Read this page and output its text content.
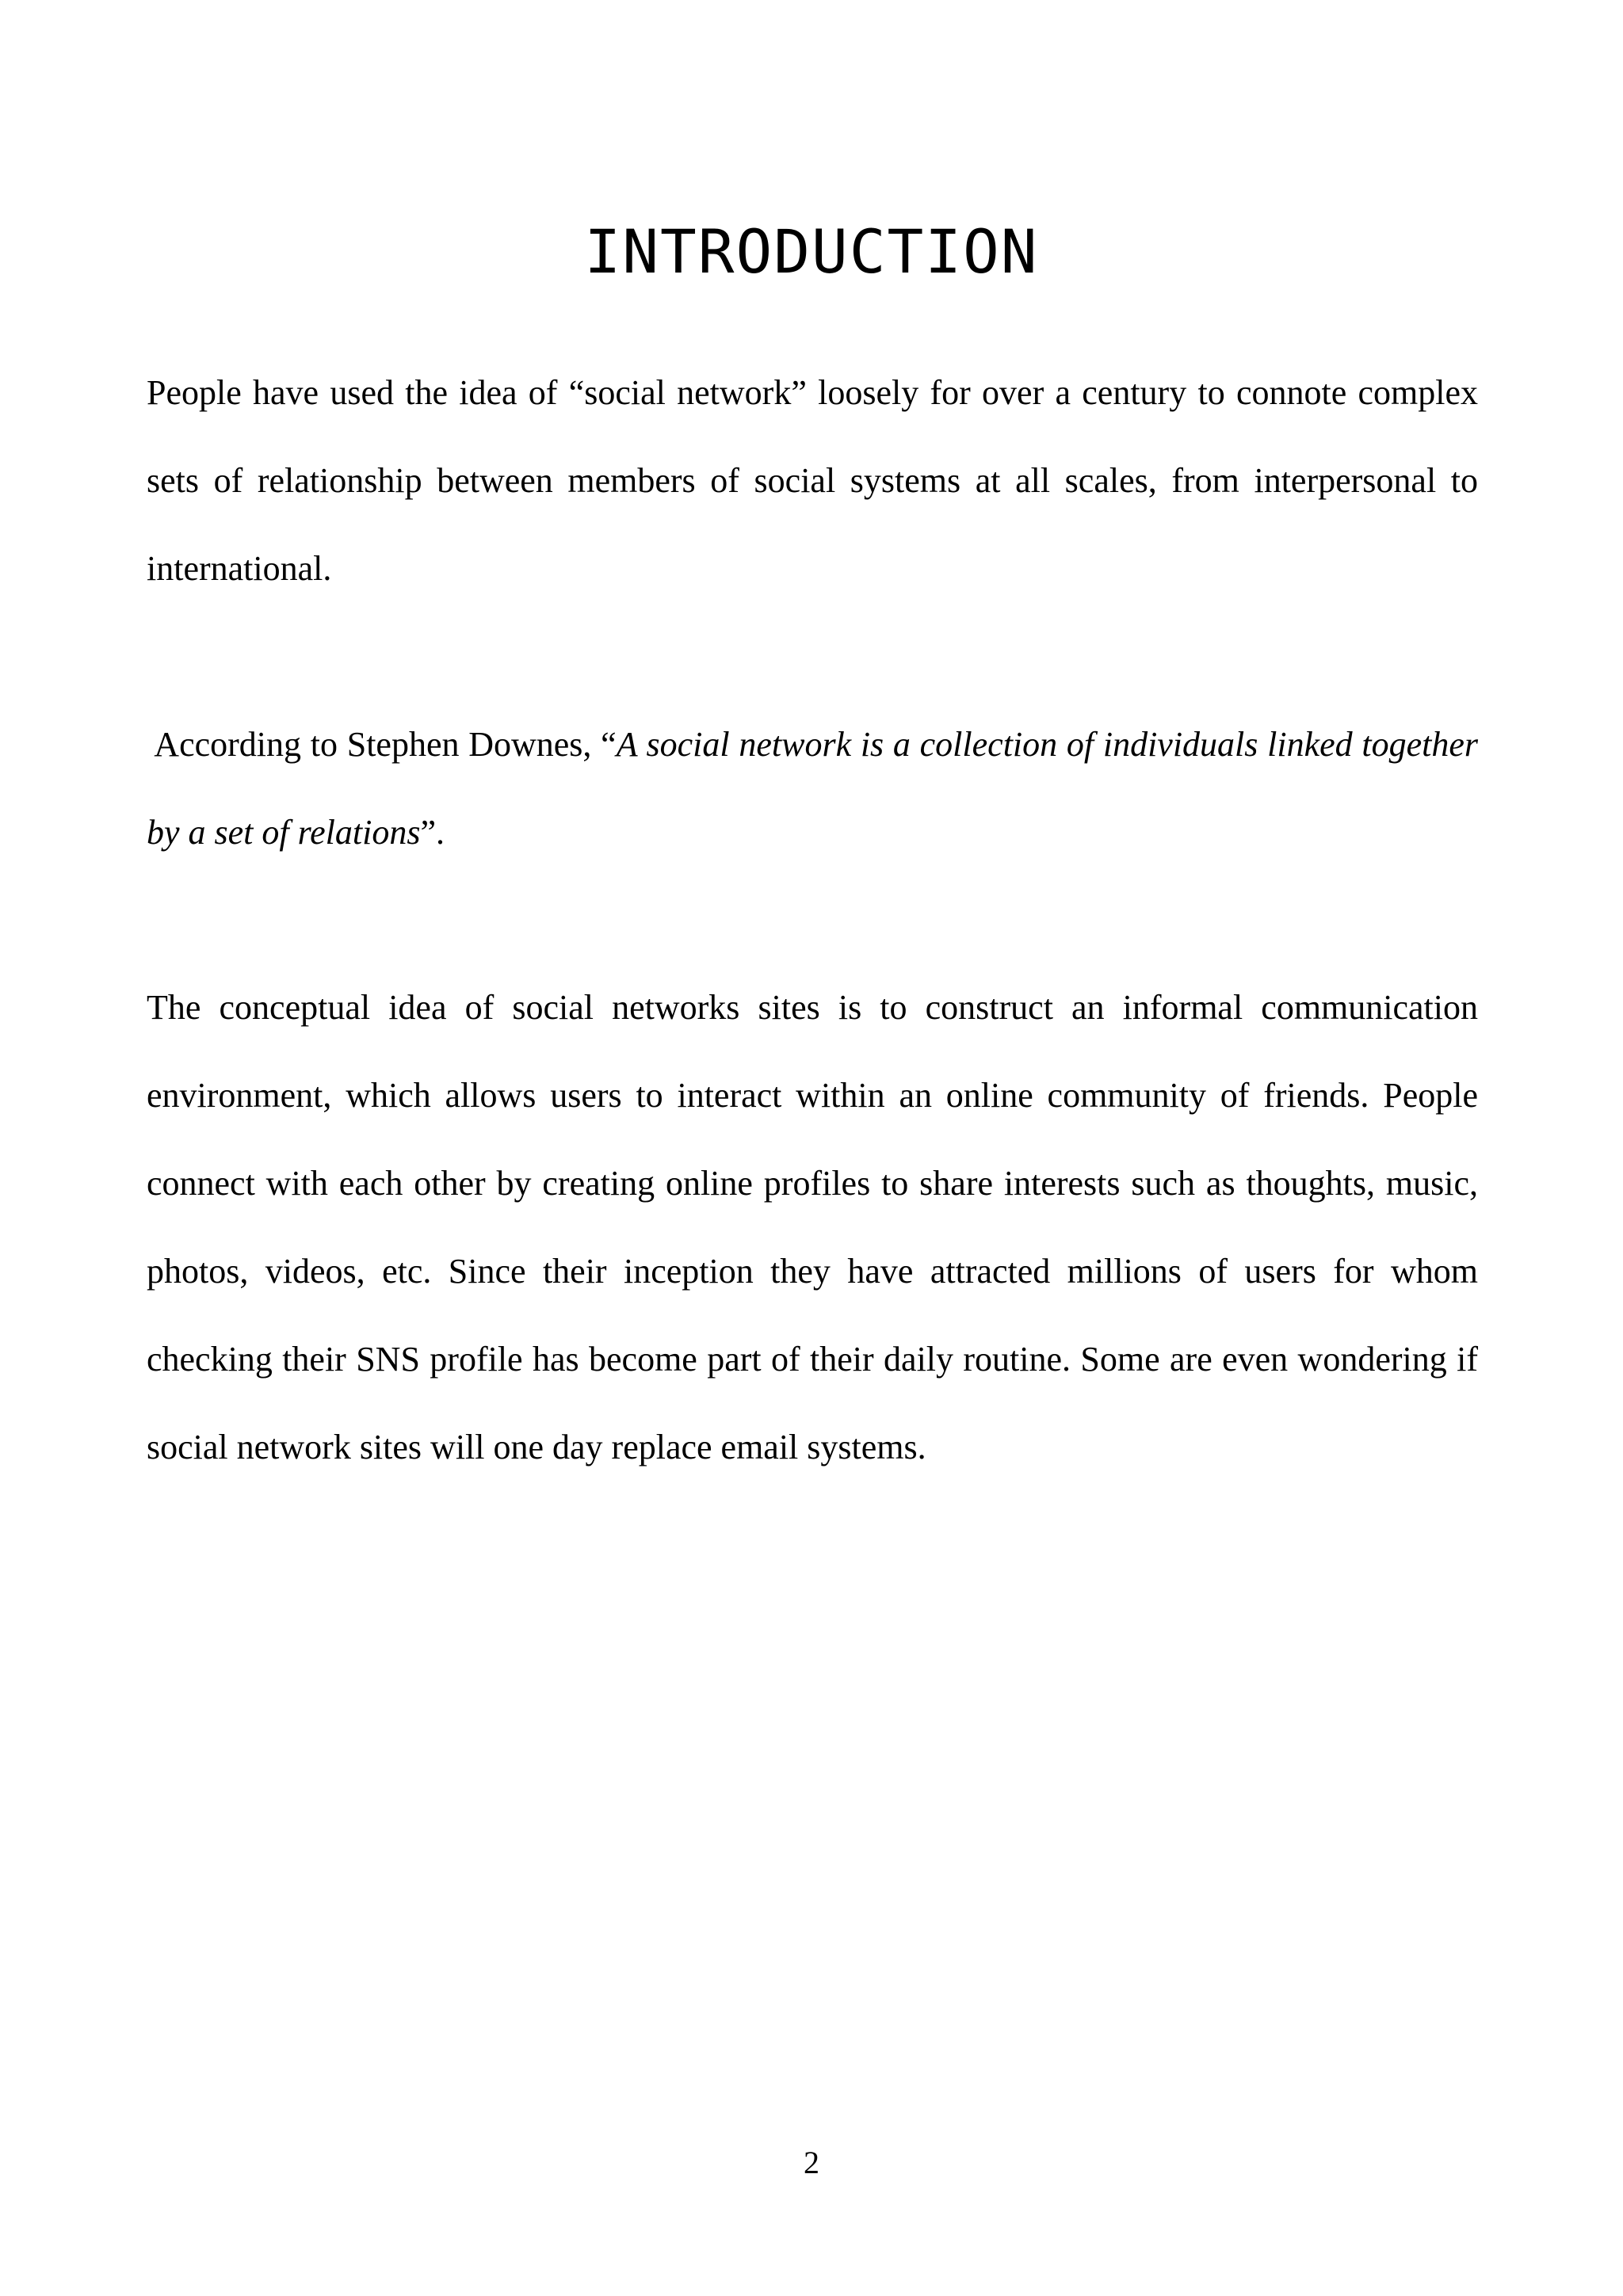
INTRODUCTION

People have used the idea of “social network” loosely for over a century to connote complex sets of relationship between members of social systems at all scales, from interpersonal to international.

According to Stephen Downes, “A social network is a collection of individuals linked together by a set of relations”.

The conceptual idea of social networks sites is to construct an informal communication environment, which allows users to interact within an online community of friends. People connect with each other by creating online profiles to share interests such as thoughts, music, photos, videos, etc. Since their inception they have attracted millions of users for whom checking their SNS profile has become part of their daily routine. Some are even wondering if social network sites will one day replace email systems.

2
